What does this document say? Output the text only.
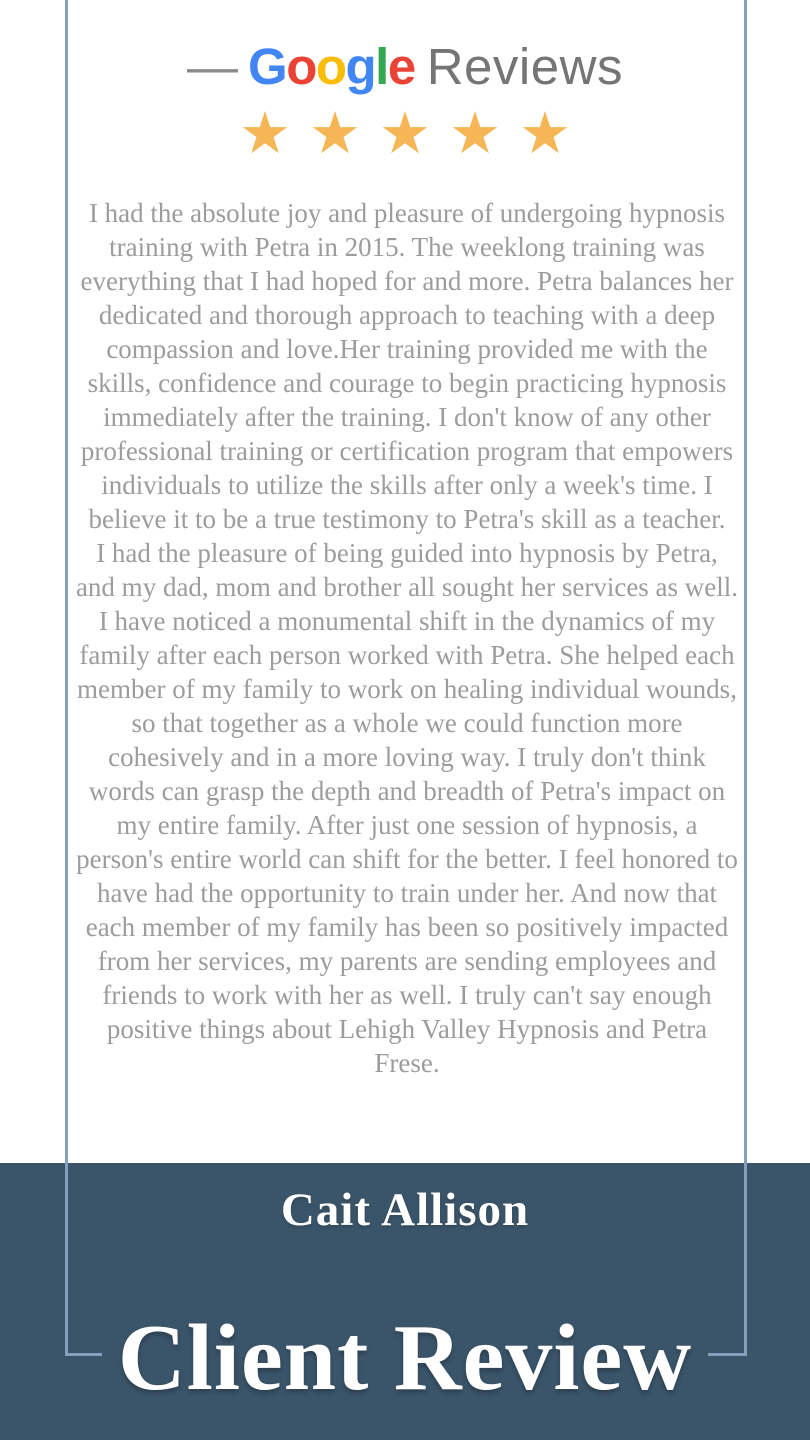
— Google Reviews
★ ★ ★ ★ ★

I had the absolute joy and pleasure of undergoing hypnosis training with Petra in 2015. The weeklong training was everything that I had hoped for and more. Petra balances her dedicated and thorough approach to teaching with a deep compassion and love.Her training provided me with the skills, confidence and courage to begin practicing hypnosis immediately after the training. I don't know of any other professional training or certification program that empowers individuals to utilize the skills after only a week's time. I believe it to be a true testimony to Petra's skill as a teacher.

I had the pleasure of being guided into hypnosis by Petra, and my dad, mom and brother all sought her services as well. I have noticed a monumental shift in the dynamics of my family after each person worked with Petra. She helped each member of my family to work on healing individual wounds, so that together as a whole we could function more cohesively and in a more loving way. I truly don't think words can grasp the depth and breadth of Petra's impact on my entire family. After just one session of hypnosis, a person's entire world can shift for the better. I feel honored to have had the opportunity to train under her. And now that each member of my family has been so positively impacted from her services, my parents are sending employees and friends to work with her as well. I truly can't say enough positive things about Lehigh Valley Hypnosis and Petra Frese.

Cait Allison
Client Review
